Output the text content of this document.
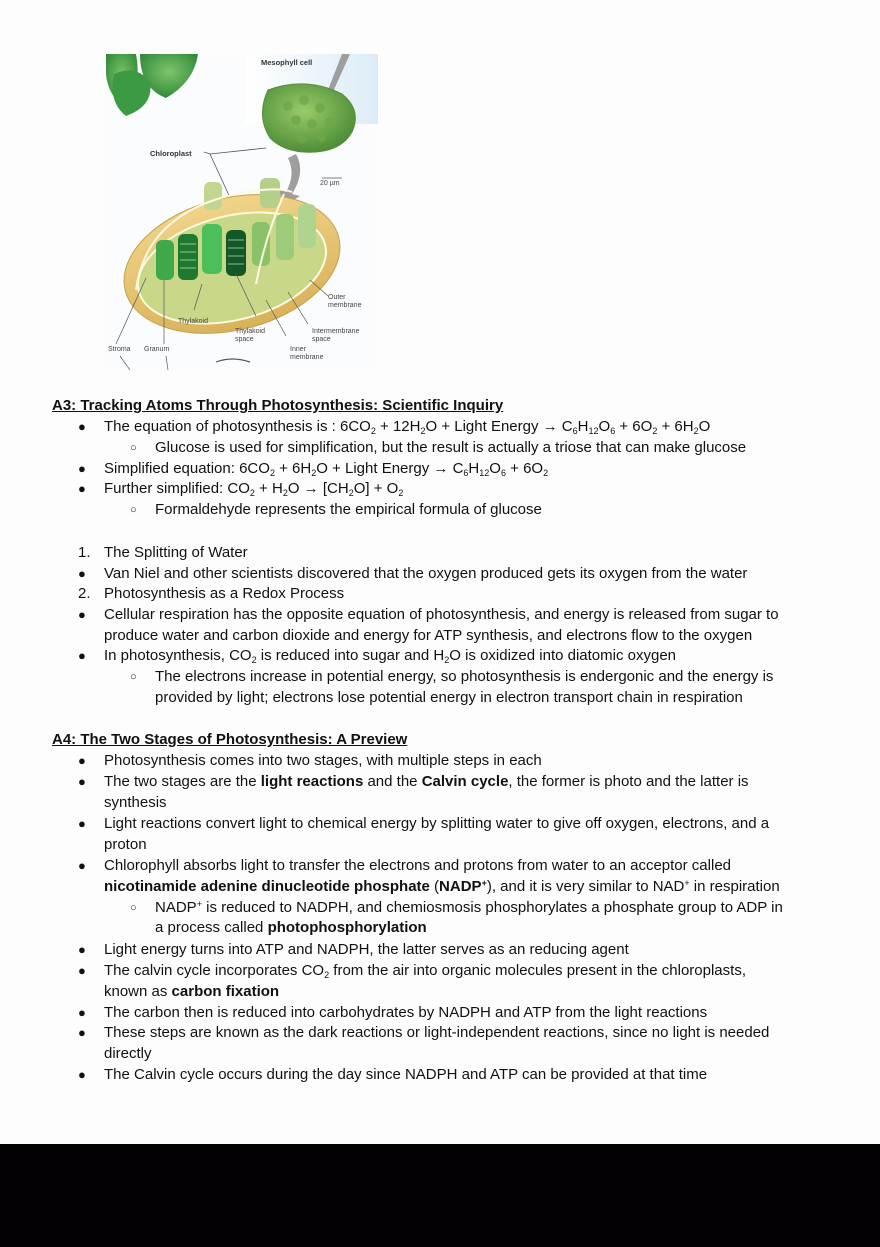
Mesophyll cell
Chloroplast
20 µm
Outer membrane
Intermembrane space
Inner membrane
Thylakoid
Thylakoid space
Stroma Granum
A3: Tracking Atoms Through Photosynthesis: Scientific Inquiry
● The equation of photosynthesis is : $6CO_2 + 12H_2O$ + Light Energy → $C_6H_{12}O_6 + 6O_2 + 6H_2O$
○ Glucose is used for simplification, but the result is actually a triose that can make glucose
● Simplified equation: $6CO_2 + 6H_2O$ + Light Energy → $C_6H_{12}O_6 + 6O_2$
● Further simplified: $CO_2 + H_2O \to [CH_2O] + O_2$
○ Formaldehyde represents the empirical formula of glucose
1. The Splitting of Water
● Van Niel and other scientists discovered that the oxygen produced gets its oxygen from the water
2. Photosynthesis as a Redox Process
● Cellular respiration has the opposite equation of photosynthesis, and energy is released from sugar to
produce water and carbon dioxide and energy for ATP synthesis, and electrons flow to the oxygen
● In photosynthesis, $CO_2$ is reduced into sugar and $H_2O$ is oxidized into diatomic oxygen
○ The electrons increase in potential energy, so photosynthesis is endergonic and the energy is
provided by light; electrons lose potential energy in electron transport chain in respiration
A4: The Two Stages of Photosynthesis: A Preview
● Photosynthesis comes into two stages, with multiple steps in each
● The two stages are the light reactions and the Calvin cycle, the former is photo and the latter is
synthesis
● Light reactions convert light to chemical energy by splitting water to give off oxygen, electrons, and a
proton
● Chlorophyll absorbs light to transfer the electrons and protons from water to an acceptor called
nicotinamide adenine dinucleotide phosphate (NADP+), and it is very similar to NAD+ in respiration
○ NADP+ is reduced to NADPH, and chemiosmosis phosphorylates a phosphate group to ADP in
a process called photophosphorylation
● Light energy turns into ATP and NADPH, the latter serves as an reducing agent
● The calvin cycle incorporates $CO_2$ from the air into organic molecules present in the chloroplasts,
known as carbon fixation
● The carbon then is reduced into carbohydrates by NADPH and ATP from the light reactions
● These steps are known as the dark reactions or light-independent reactions, since no light is needed
directly
● The Calvin cycle occurs during the day since NADPH and ATP can be provided at that time
